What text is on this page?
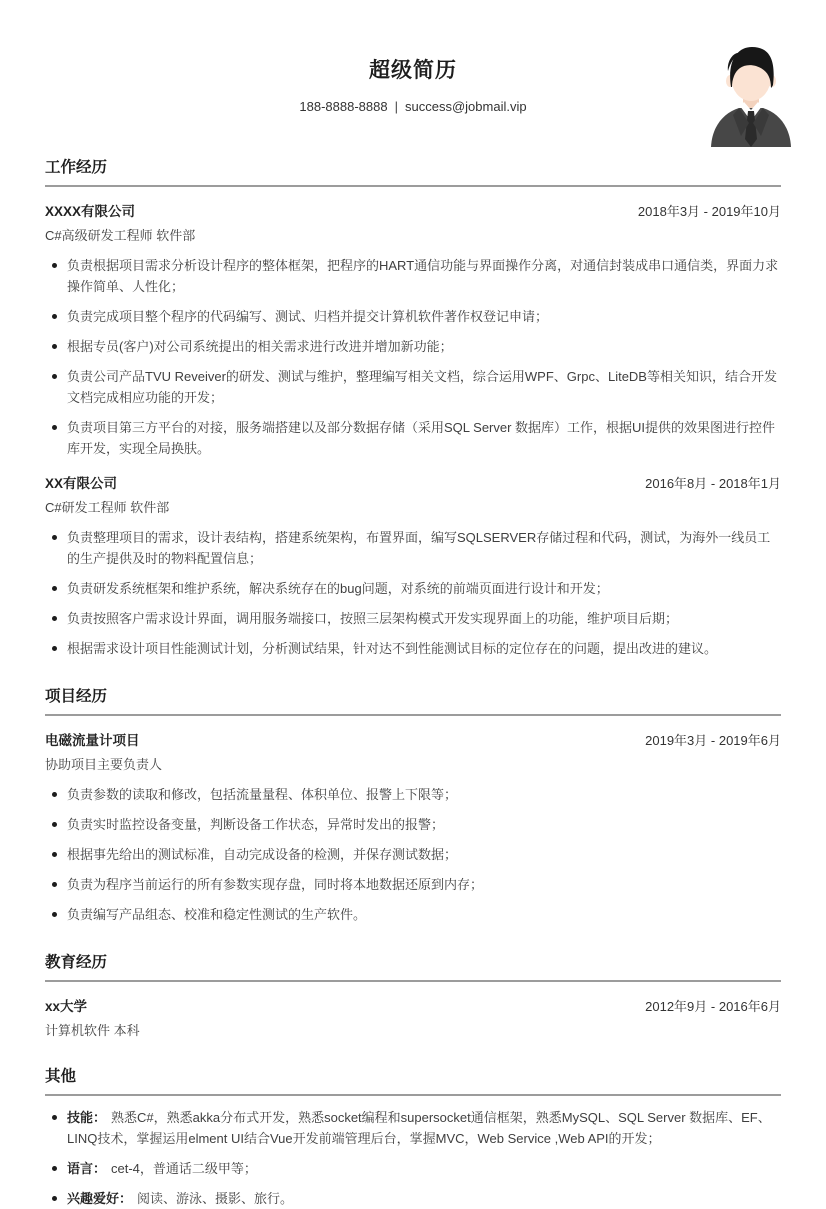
超级简历
188-8888-8888 | success@jobmail.vip
工作经历
XXXX有限公司	2018年3月 - 2019年10月
C#高级研发工程师 软件部
负责根据项目需求分析设计程序的整体框架，把程序的HART通信功能与界面操作分离，对通信封装成串口通信类，界面力求操作简单、人性化；
负责完成项目整个程序的代码编写、测试、归档并提交计算机软件著作权登记申请；
根据专员(客户)对公司系统提出的相关需求进行改进并增加新功能；
负责公司产品TVU Reveiver的研发、测试与维护，整理编写相关文档，综合运用WPF、Grpc、LiteDB等相关知识，结合开发文档完成相应功能的开发；
负责项目第三方平台的对接，服务端搭建以及部分数据存储（采用SQL Server 数据库）工作，根据UI提供的效果图进行控件库开发，实现全局换肤。
XX有限公司	2016年8月 - 2018年1月
C#研发工程师 软件部
负责整理项目的需求，设计表结构，搭建系统架构，布置界面，编写SQLSERVER存储过程和代码，测试，为海外一线员工的生产提供及时的物料配置信息；
负责研发系统框架和维护系统，解决系统存在的bug问题，对系统的前端页面进行设计和开发；
负责按照客户需求设计界面，调用服务端接口，按照三层架构模式开发实现界面上的功能，维护项目后期；
根据需求设计项目性能测试计划，分析测试结果，针对达不到性能测试目标的定位存在的问题，提出改进的建议。
项目经历
电磁流量计项目	2019年3月 - 2019年6月
协助项目主要负责人
负责参数的读取和修改，包括流量量程、体积单位、报警上下限等；
负责实时监控设备变量，判断设备工作状态，异常时发出的报警；
根据事先给出的测试标准，自动完成设备的检测，并保存测试数据；
负责为程序当前运行的所有参数实现存盘，同时将本地数据还原到内存；
负责编写产品组态、校准和稳定性测试的生产软件。
教育经历
xx大学	2012年9月 - 2016年6月
计算机软件 本科
其他
技能： 熟悉C#，熟悉akka分布式开发，熟悉socket编程和supersocket通信框架，熟悉MySQL、SQL Server 数据库、EF、LINQ技术，掌握运用elment UI结合Vue开发前端管理后台，掌握MVC，Web Service ,Web API的开发；
语言： cet-4，普通话二级甲等；
兴趣爱好： 阅读、游泳、摄影、旅行。
